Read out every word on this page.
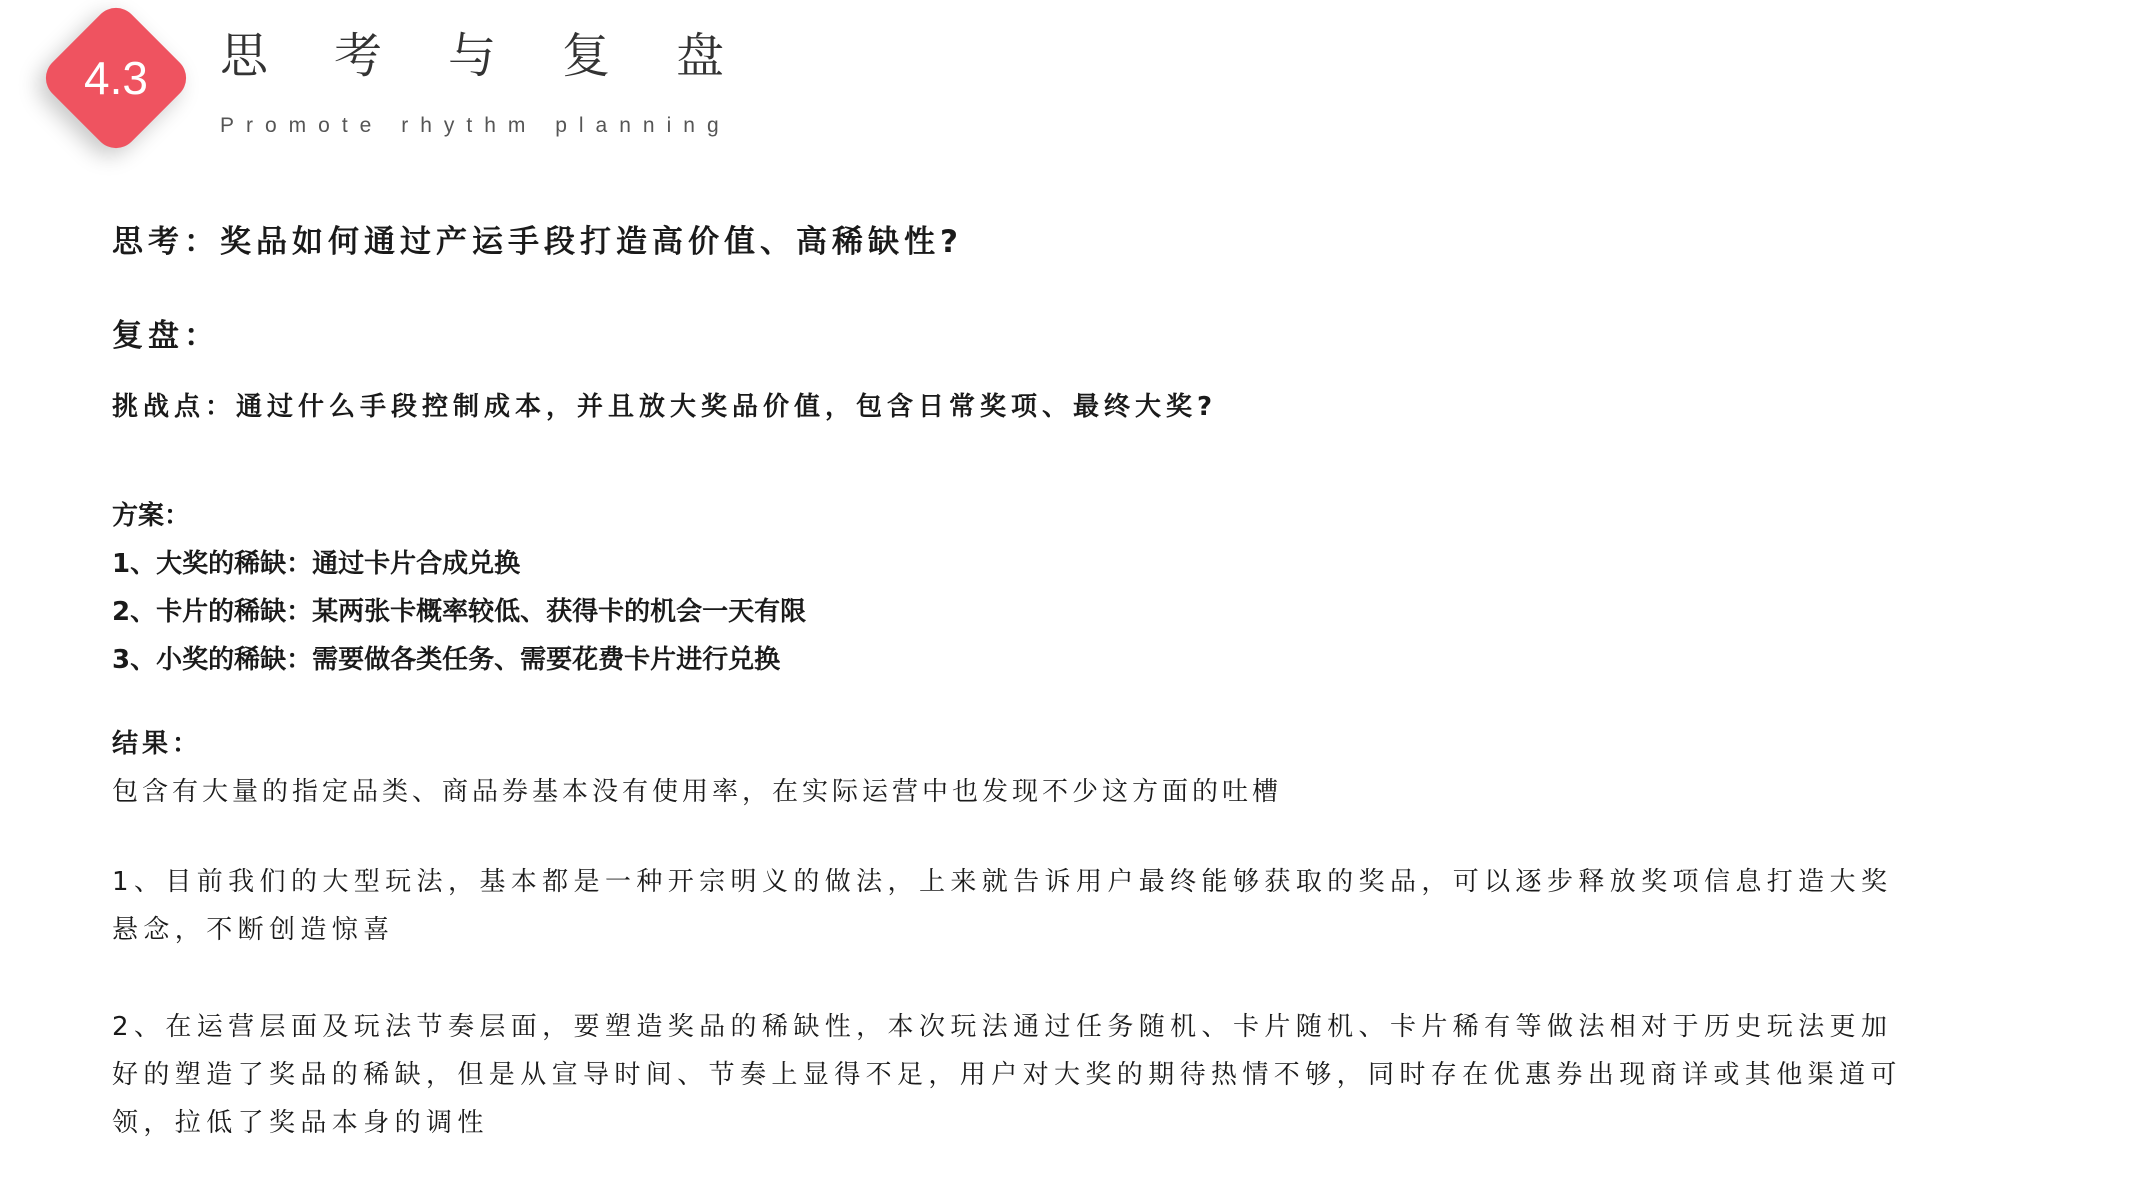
4.3	思考与复盘
Promote rhythm planning
思考：奖品如何通过产运手段打造高价值、高稀缺性?
复盘：
挑战点：通过什么手段控制成本，并且放大奖品价值，包含日常奖项、最终大奖?
方案：
1、大奖的稀缺：通过卡片合成兑换
2、卡片的稀缺：某两张卡概率较低、获得卡的机会一天有限
3、小奖的稀缺：需要做各类任务、需要花费卡片进行兑换
结果：
包含有大量的指定品类、商品券基本没有使用率，在实际运营中也发现不少这方面的吐槽
1、目前我们的大型玩法，基本都是一种开宗明义的做法，上来就告诉用户最终能够获取的奖品，可以逐步释放奖项信息打造大奖
悬念，不断创造惊喜
2、在运营层面及玩法节奏层面，要塑造奖品的稀缺性，本次玩法通过任务随机、卡片随机、卡片稀有等做法相对于历史玩法更加
好的塑造了奖品的稀缺，但是从宣导时间、节奏上显得不足，用户对大奖的期待热情不够，同时存在优惠券出现商详或其他渠道可
领，拉低了奖品本身的调性
